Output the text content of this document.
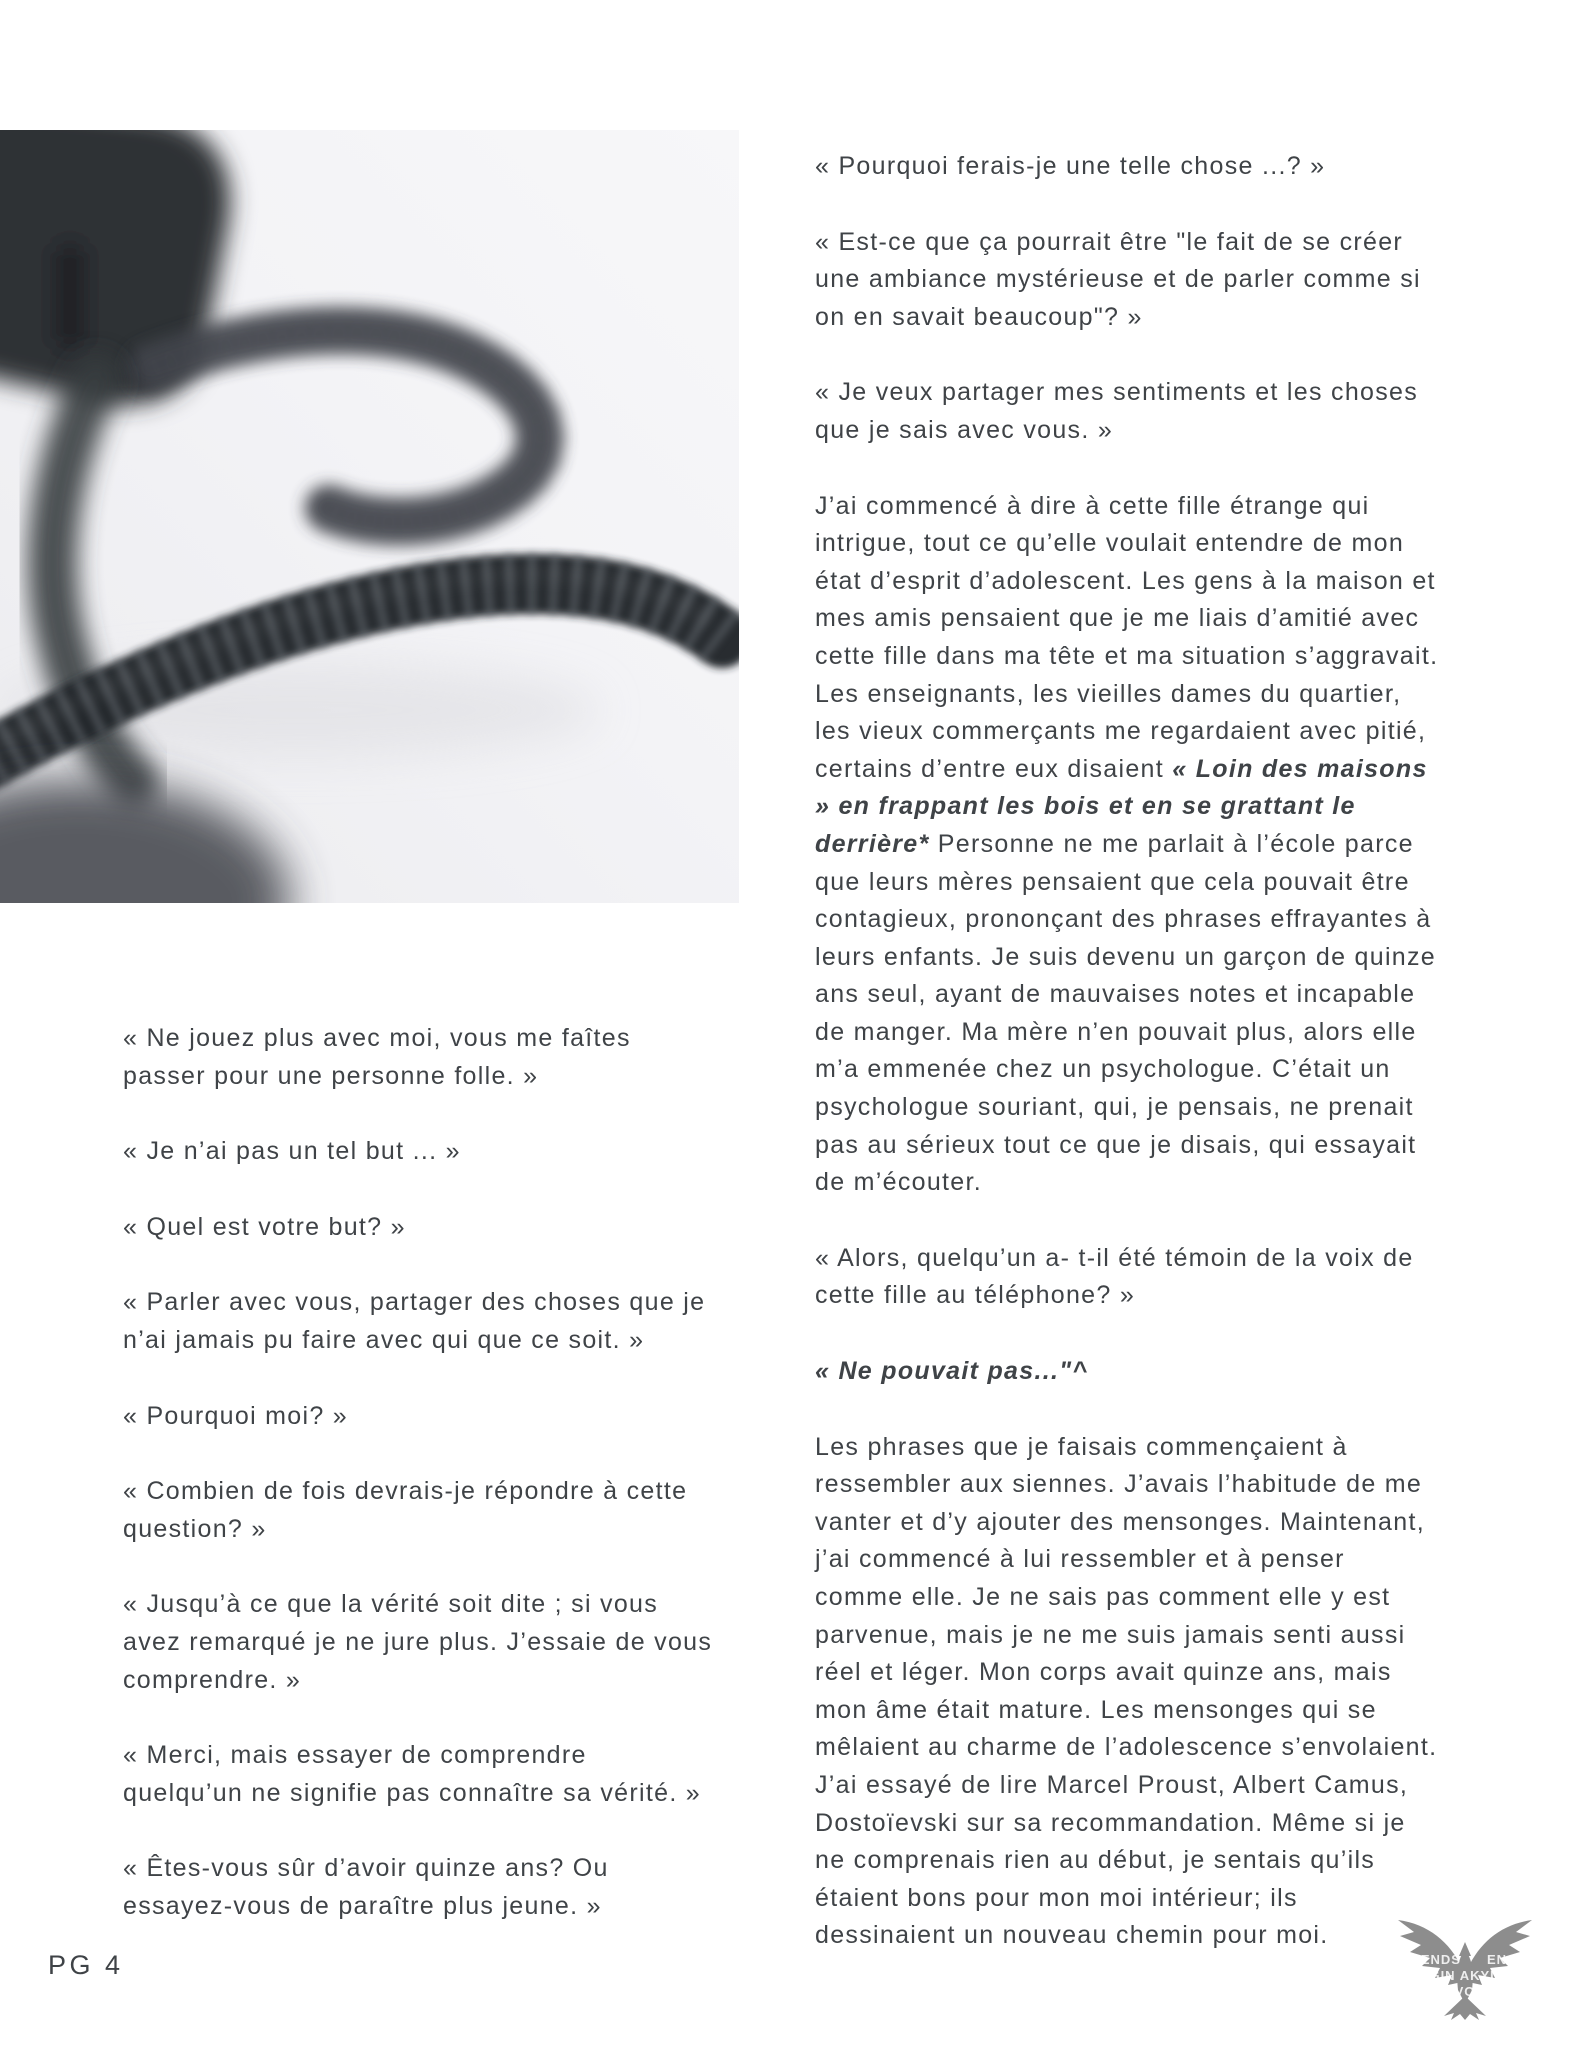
« Ne jouez plus avec moi, vous me faîtes passer pour une personne folle. »

« Je n’ai pas un tel but ... »

« Quel est votre but? »

« Parler avec vous, partager des choses que je n’ai jamais pu faire avec qui que ce soit. »

« Pourquoi moi? »

« Combien de fois devrais-je répondre à cette question? »

« Jusqu’à ce que la vérité soit dite ; si vous avez remarqué je ne jure plus. J’essaie de vous comprendre. »

« Merci, mais essayer de comprendre quelqu’un ne signifie pas connaître sa vérité. »

« Êtes-vous sûr d’avoir quinze ans? Ou essayez-vous de paraître plus jeune. »

« Pourquoi ferais-je une telle chose ...? »

« Est-ce que ça pourrait être "le fait de se créer une ambiance mystérieuse et de parler comme si on en savait beaucoup"? »

« Je veux partager mes sentiments et les choses que je sais avec vous. »

J’ai commencé à dire à cette fille étrange qui intrigue, tout ce qu’elle voulait entendre de mon état d’esprit d’adolescent. Les gens à la maison et mes amis pensaient que je me liais d’amitié avec cette fille dans ma tête et ma situation s’aggravait. Les enseignants, les vieilles dames du quartier, les vieux commerçants me regardaient avec pitié, certains d’entre eux disaient « Loin des maisons » en frappant les bois et en se grattant le derrière* Personne ne me parlait à l’école parce que leurs mères pensaient que cela pouvait être contagieux, prononçant des phrases effrayantes à leurs enfants. Je suis devenu un garçon de quinze ans seul, ayant de mauvaises notes et incapable de manger. Ma mère n’en pouvait plus, alors elle m’a emmenée chez un psychologue. C’était un psychologue souriant, qui, je pensais, ne prenait pas au sérieux tout ce que je disais, qui essayait de m’écouter.

« Alors, quelqu’un a- t-il été témoin de la voix de cette fille au téléphone? »

« Ne pouvait pas..."^

Les phrases que je faisais commençaient à ressembler aux siennes. J’avais l’habitude de me vanter et d’y ajouter des mensonges. Maintenant, j’ai commencé à lui ressembler et à penser comme elle. Je ne sais pas comment elle y est parvenue, mais je ne me suis jamais senti aussi réel et léger. Mon corps avait quinze ans, mais mon âme était mature. Les mensonges qui se mêlaient au charme de l’adolescence s’envolaient. J’ai essayé de lire Marcel Proust, Albert Camus, Dostoïevski sur sa recommandation. Même si je ne comprenais rien au début, je sentais qu’ils étaient bons pour mon moi intérieur; ils dessinaient un nouveau chemin pour moi.

PG 4	FRIENDS ENGİN
GIN AKYÜ
VO
